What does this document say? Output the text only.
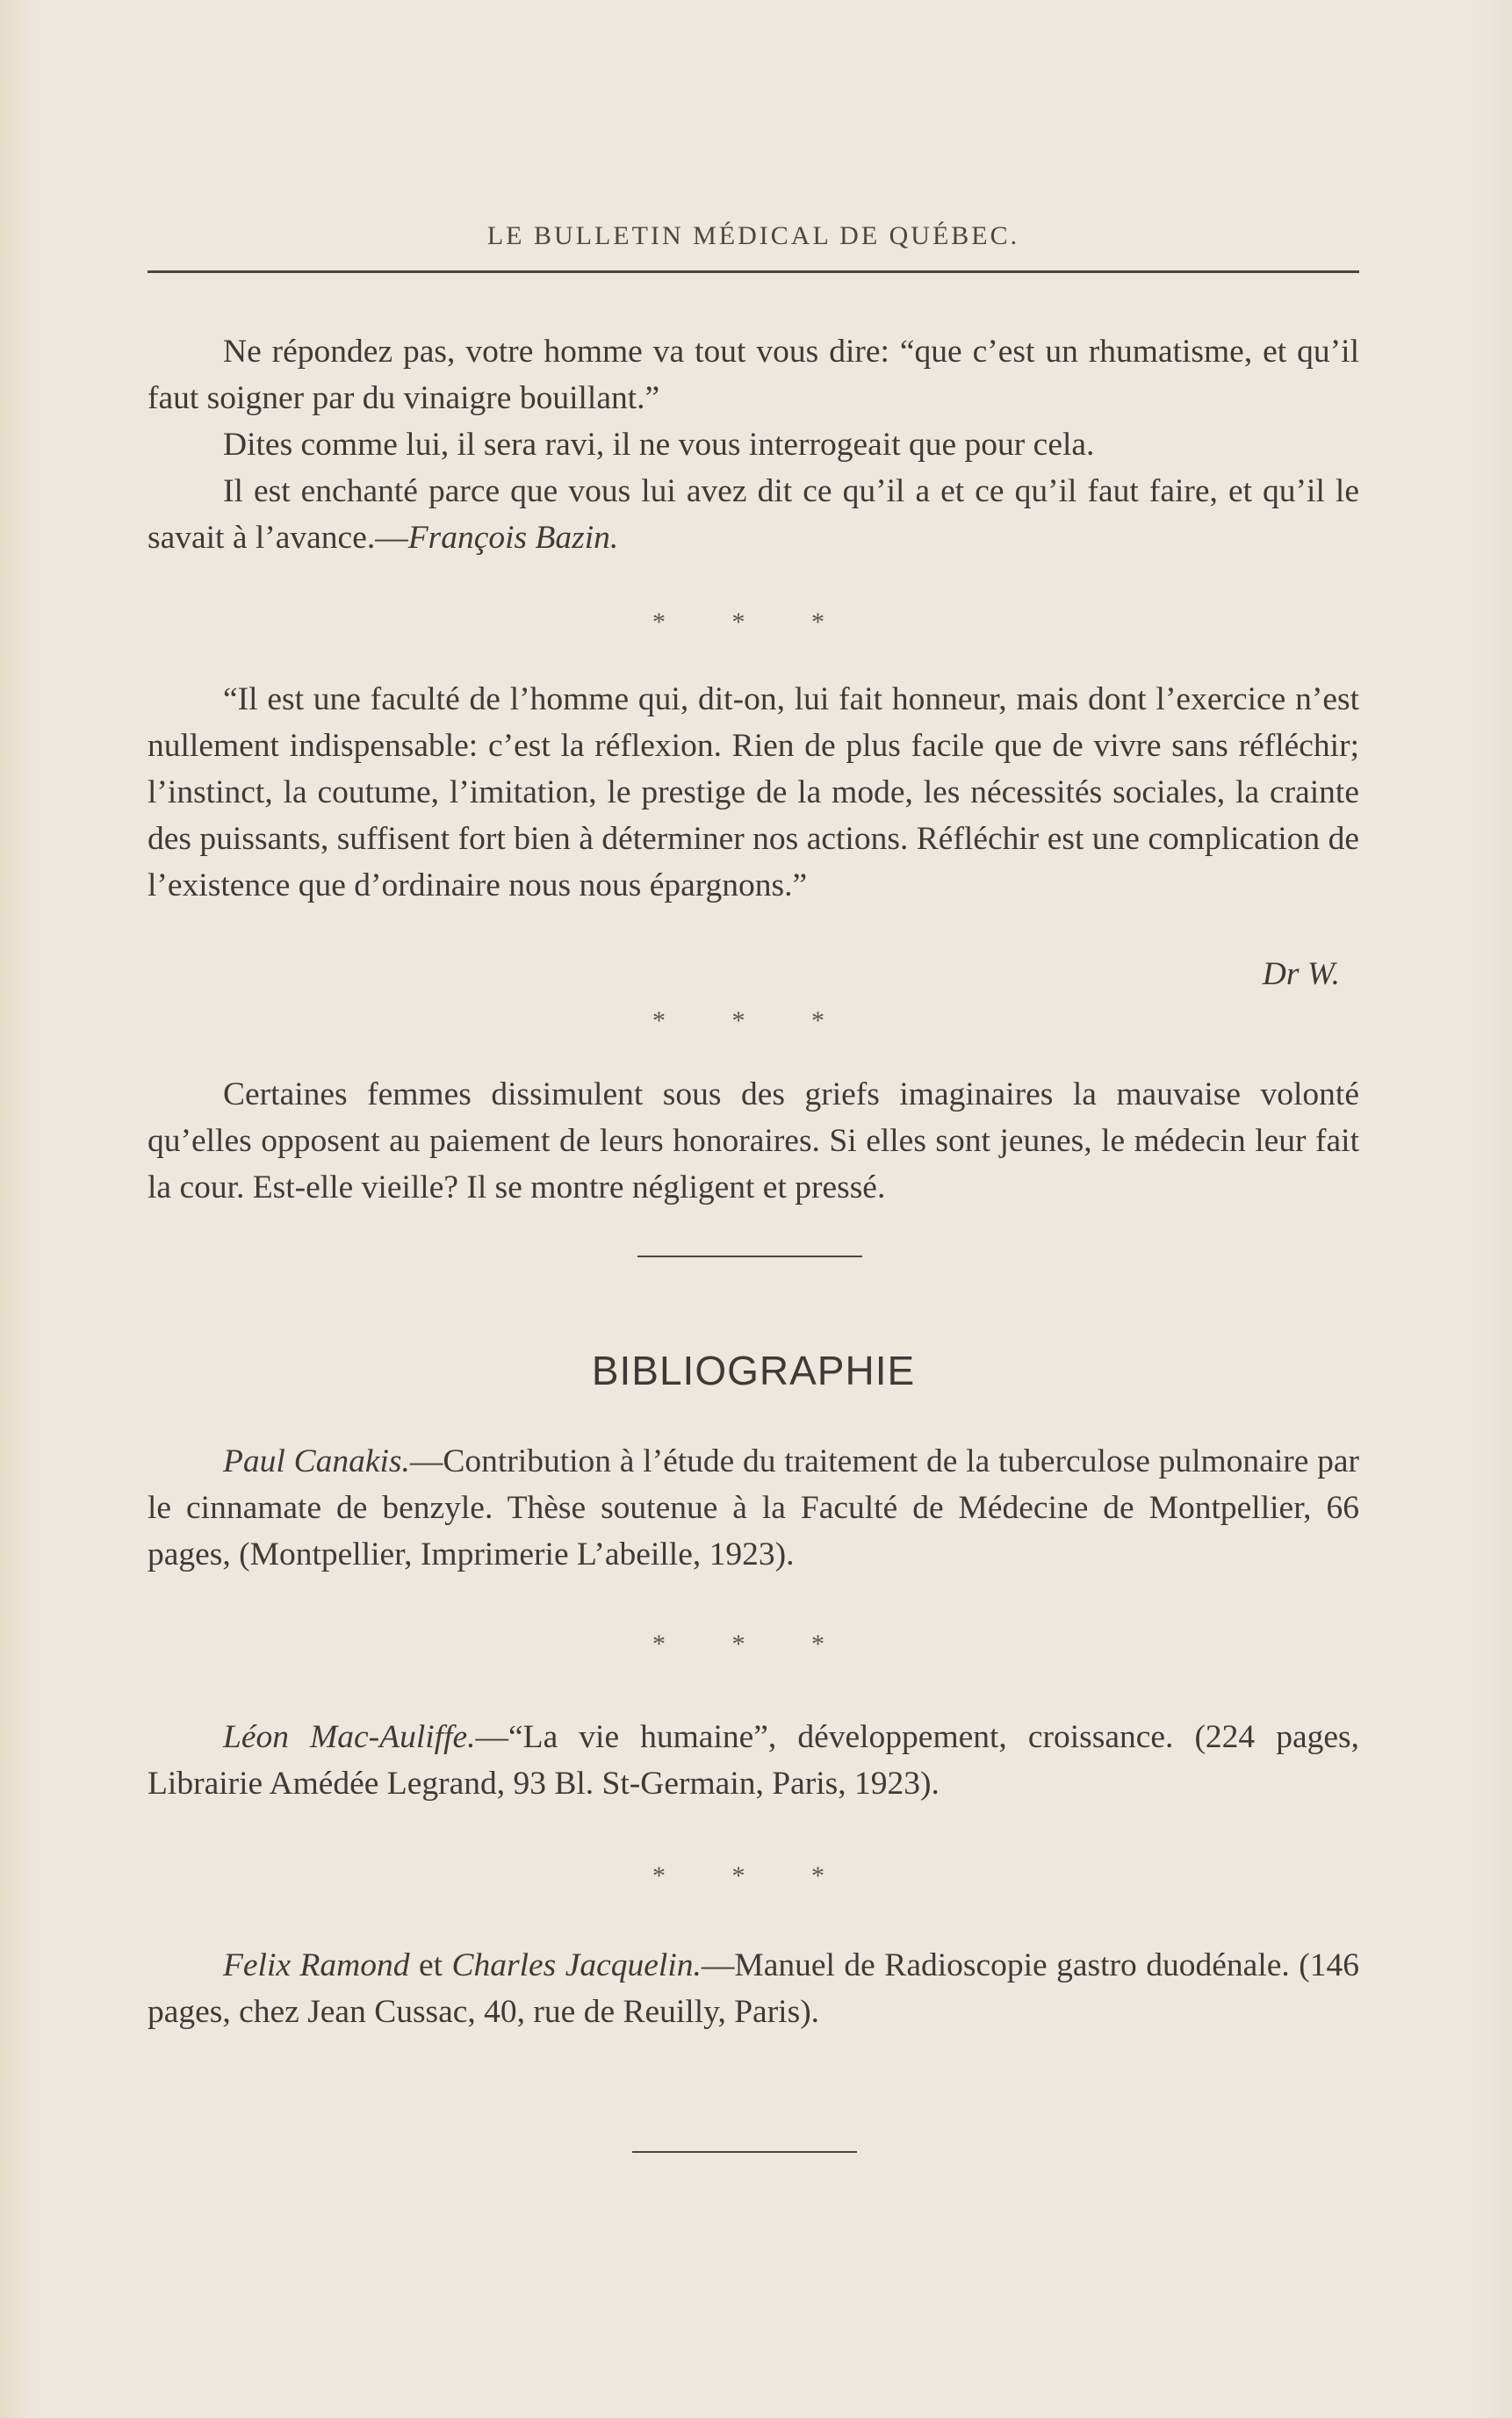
LE BULLETIN MÉDICAL DE QUÉBEC.

Ne répondez pas, votre homme va tout vous dire: “que c’est un rhumatisme, et qu’il faut soigner par du vinaigre bouillant.”

Dites comme lui, il sera ravi, il ne vous interrogeait que pour cela.

Il est enchanté parce que vous lui avez dit ce qu’il a et ce qu’il faut faire, et qu’il le savait à l’avance.—François Bazin.

* * *

“Il est une faculté de l’homme qui, dit-on, lui fait honneur, mais dont l’exercice n’est nullement indispensable: c’est la réflexion. Rien de plus facile que de vivre sans réfléchir; l’instinct, la coutume, l’imitation, le prestige de la mode, les nécessités sociales, la crainte des puissants, suffisent fort bien à déterminer nos actions. Réfléchir est une complication de l’existence que d’ordinaire nous nous épargnons.”

Dr W.
* * *

Certaines femmes dissimulent sous des griefs imaginaires la mauvaise volonté qu’elles opposent au paiement de leurs honoraires. Si elles sont jeunes, le médecin leur fait la cour. Est-elle vieille? Il se montre négligent et pressé.

BIBLIOGRAPHIE

Paul Canakis.—Contribution à l’étude du traitement de la tuberculose pulmonaire par le cinnamate de benzyle. Thèse soutenue à la Faculté de Médecine de Montpellier, 66 pages, (Montpellier, Imprimerie L’abeille, 1923).

* * *

Léon Mac-Auliffe.—“La vie humaine”, développement, croissance. (224 pages, Librairie Amédée Legrand, 93 Bl. St-Germain, Paris, 1923).

* * *

Felix Ramond et Charles Jacquelin.—Manuel de Radioscopie gastro duodénale. (146 pages, chez Jean Cussac, 40, rue de Reuilly, Paris).
